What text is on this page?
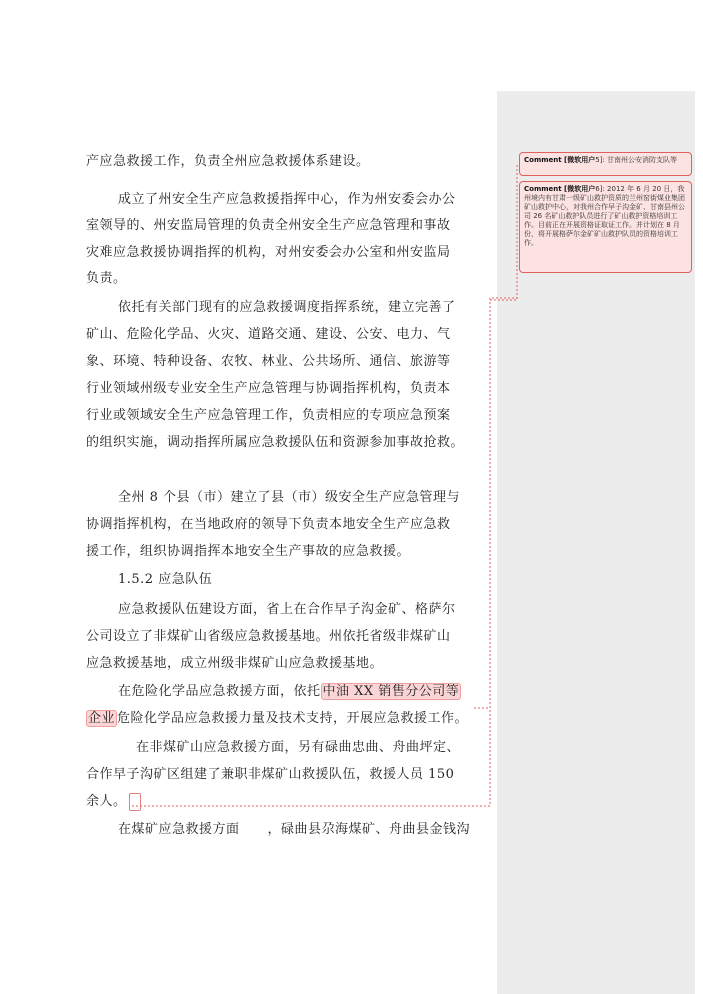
产应急救援工作，负责全州应急救援体系建设。
成立了州安全生产应急救援指挥中心，作为州安委会办公
室领导的、州安监局管理的负责全州安全生产应急管理和事故
灾难应急救援协调指挥的机构，对州安委会办公室和州安监局
负责。
依托有关部门现有的应急救援调度指挥系统，建立完善了
矿山、危险化学品、火灾、道路交通、建设、公安、电力、气
象、环境、特种设备、农牧、林业、公共场所、通信、旅游等
行业领域州级专业安全生产应急管理与协调指挥机构，负责本
行业或领域安全生产应急管理工作，负责相应的专项应急预案
的组织实施，调动指挥所属应急救援队伍和资源参加事故抢救。
全州 8 个县（市）建立了县（市）级安全生产应急管理与
协调指挥机构，在当地政府的领导下负责本地安全生产应急救
援工作，组织协调指挥本地安全生产事故的应急救援。
1.5.2 应急队伍
应急救援队伍建设方面，省上在合作早子沟金矿、格萨尔
公司设立了非煤矿山省级应急救援基地。州依托省级非煤矿山
应急救援基地，成立州级非煤矿山应急救援基地。
在危险化学品应急救援方面，依托 中油 XX 销售分公司等
企业 危险化学品应急救援力量及技术支持，开展应急救援工作。
在非煤矿山应急救援方面，另有碌曲忠曲、舟曲坪定、
合作早子沟矿区组建了兼职非煤矿山救援队伍，救援人员 150
余人。
在煤矿应急救援方面 ，碌曲县尕海煤矿、舟曲县金钱沟
Comment [微软用户5]: 甘南州公安消防支队等
Comment [微软用户6]: 2012 年 6 月 20 日，我州境内有甘肃一级矿山救护资质的兰州窑街煤业集团矿山救护中心，对我州合作早子沟金矿、甘南县州公司 26 名矿山救护队员进行了矿山救护资格培训工作。目前正在开展资格证取证工作。并计划在 8 月份，将开展格萨尔金矿矿山救护队员的资格培训工作。
